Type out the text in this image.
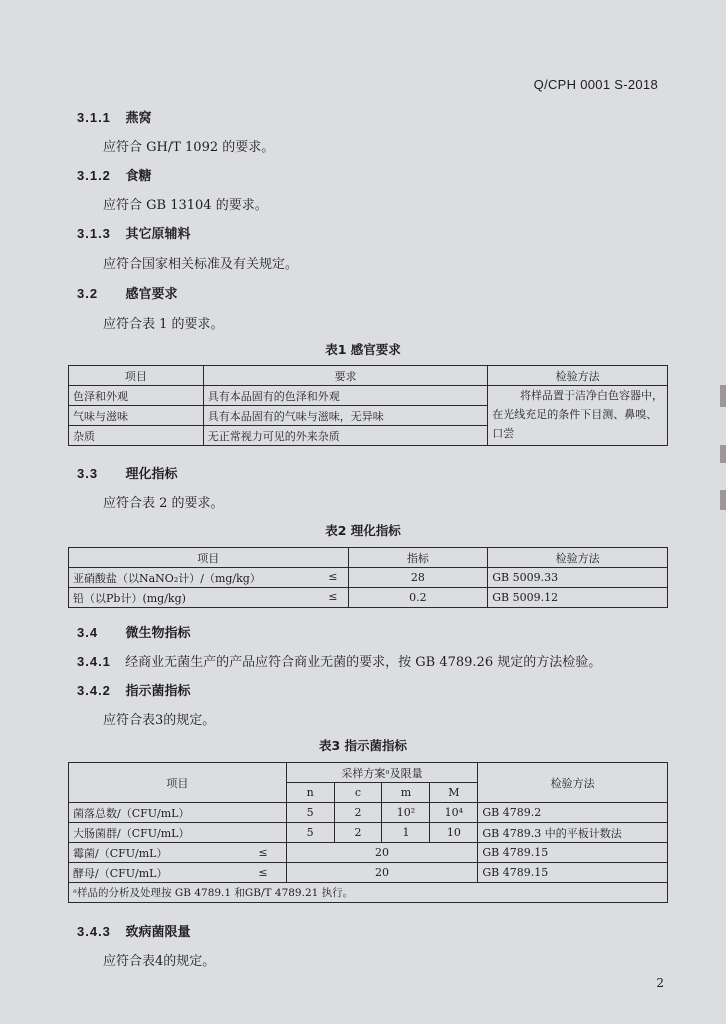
Q/CPH 0001 S-2018
3.1.1 燕窝
应符合 GH/T 1092 的要求。
3.1.2 食糖
应符合 GB 13104 的要求。
3.1.3 其它原辅料
应符合国家相关标准及有关规定。
3.2 感官要求
应符合表 1 的要求。
表1 感官要求
项目	要求	检验方法
色泽和外观	具有本品固有的色泽和外观	将样品置于洁净白色容器中，
在光线充足的条件下目测、鼻嗅、
口尝

气味与滋味	具有本品固有的气味与滋味，无异味	
杂质	无正常视力可见的外来杂质	
3.3 理化指标
应符合表 2 的要求。
表2 理化指标
项目	指标	检验方法
亚硝酸盐（以NaNO₂计）/（mg/kg） ≤	28	GB 5009.33
铅（以Pb计）(mg/kg) ≤	0.2	GB 5009.12
3.4 微生物指标
3.4.1 经商业无菌生产的产品应符合商业无菌的要求，按 GB 4789.26 规定的方法检验。
3.4.2 指示菌指标
应符合表3的规定。
表3 指示菌指标
项目		采样方案ᵃ及限量				检验方法
		n	c	m	M	
菌落总数/（CFU/mL）		5	2	10²	10⁴	GB 4789.2
大肠菌群/（CFU/mL）		5	2	1	10	GB 4789.3 中的平板计数法
霉菌/（CFU/mL）	≤	20				GB 4789.15
酵母/（CFU/mL）	≤	20				GB 4789.15
ᵃ样品的分析及处理按 GB 4789.1 和GB/T 4789.21 执行。						
3.4.3 致病菌限量
应符合表4的规定。
2
